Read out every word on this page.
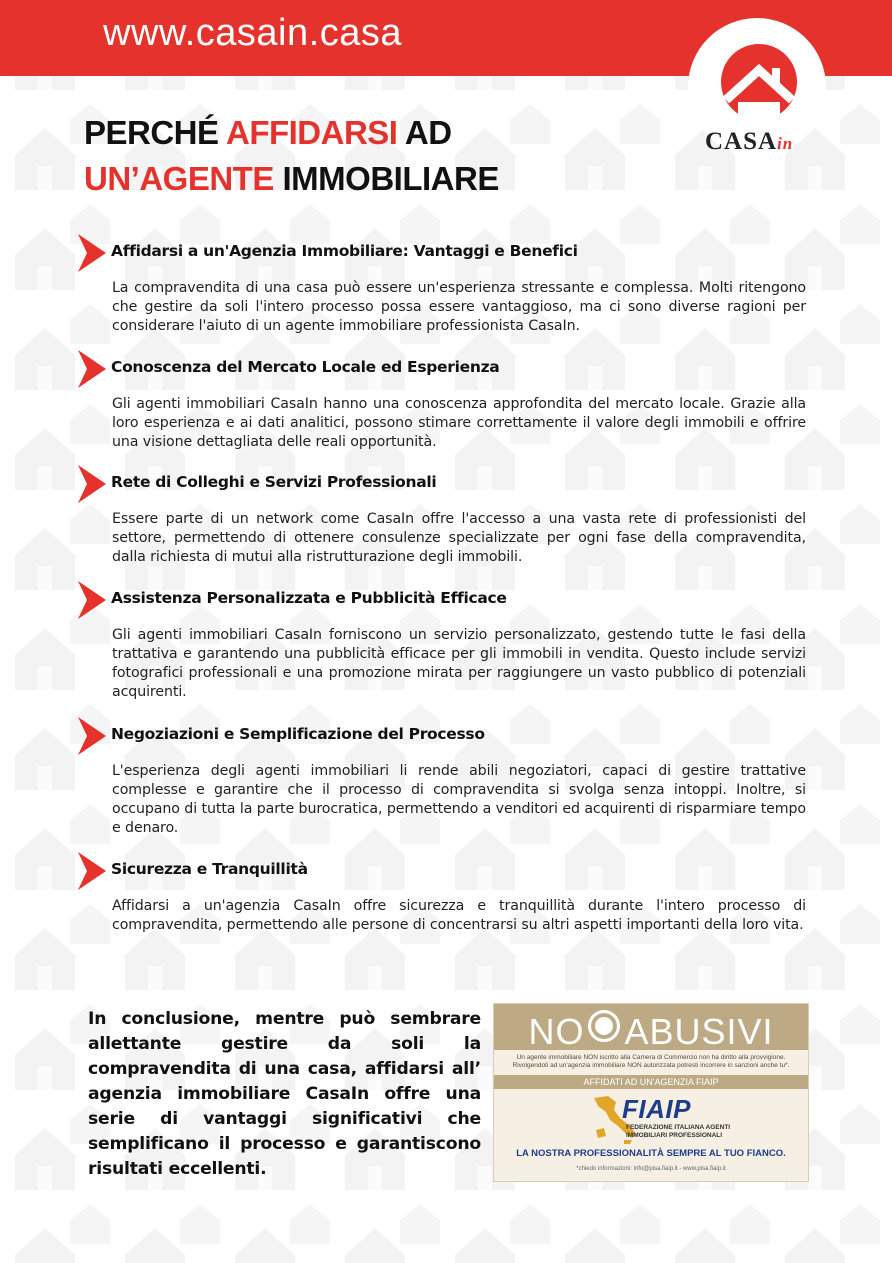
www.casain.casa
CASAin
PERCHÉ AFFIDARSI AD
UN’AGENTE IMMOBILIARE
Affidarsi a un'Agenzia Immobiliare: Vantaggi e Benefici
La compravendita di una casa può essere un'esperienza stressante e complessa. Molti ritengono che gestire da soli l'intero processo possa essere vantaggioso, ma ci sono diverse ragioni per considerare l'aiuto di un agente immobiliare professionista CasaIn.
Conoscenza del Mercato Locale ed Esperienza
Gli agenti immobiliari CasaIn hanno una conoscenza approfondita del mercato locale. Grazie alla loro esperienza e ai dati analitici, possono stimare correttamente il valore degli immobili e offrire una visione dettagliata delle reali opportunità.
Rete di Colleghi e Servizi Professionali
Essere parte di un network come CasaIn offre l'accesso a una vasta rete di professionisti del settore, permettendo di ottenere consulenze specializzate per ogni fase della compravendita, dalla richiesta di mutui alla ristrutturazione degli immobili.
Assistenza Personalizzata e Pubblicità Efficace
Gli agenti immobiliari CasaIn forniscono un servizio personalizzato, gestendo tutte le fasi della trattativa e garantendo una pubblicità efficace per gli immobili in vendita. Questo include servizi fotografici professionali e una promozione mirata per raggiungere un vasto pubblico di potenziali acquirenti.
Negoziazioni e Semplificazione del Processo
L'esperienza degli agenti immobiliari li rende abili negoziatori, capaci di gestire trattative complesse e garantire che il processo di compravendita si svolga senza intoppi. Inoltre, si occupano di tutta la parte burocratica, permettendo a venditori ed acquirenti di risparmiare tempo e denaro.
Sicurezza e Tranquillità
Affidarsi a un'agenzia CasaIn offre sicurezza e tranquillità durante l'intero processo di compravendita, permettendo alle persone di concentrarsi su altri aspetti importanti della loro vita.
In conclusione, mentre può sembrare allettante gestire da soli la compravendita di una casa, affidarsi all’ agenzia immobiliare CasaIn offre una serie di vantaggi significativi che semplificano il processo e garantiscono risultati eccellenti.
NO ABUSIVI
Un agente immobiliare NON iscritto alla Camera di Commercio non ha diritto alla provvigione. Rivolgendoti ad un'agenzia immobiliare NON autorizzata potresti incorrere in sanzioni anche tu*.
AFFIDATI AD UN'AGENZIA FIAIP
FIAIP
FEDERAZIONE ITALIANA AGENTI IMMOBILIARI PROFESSIONALI
LA NOSTRA PROFESSIONALITÀ SEMPRE AL TUO FIANCO.
*chiedo informazioni: info@pisa.fiaip.it - www.pisa.fiaip.it
